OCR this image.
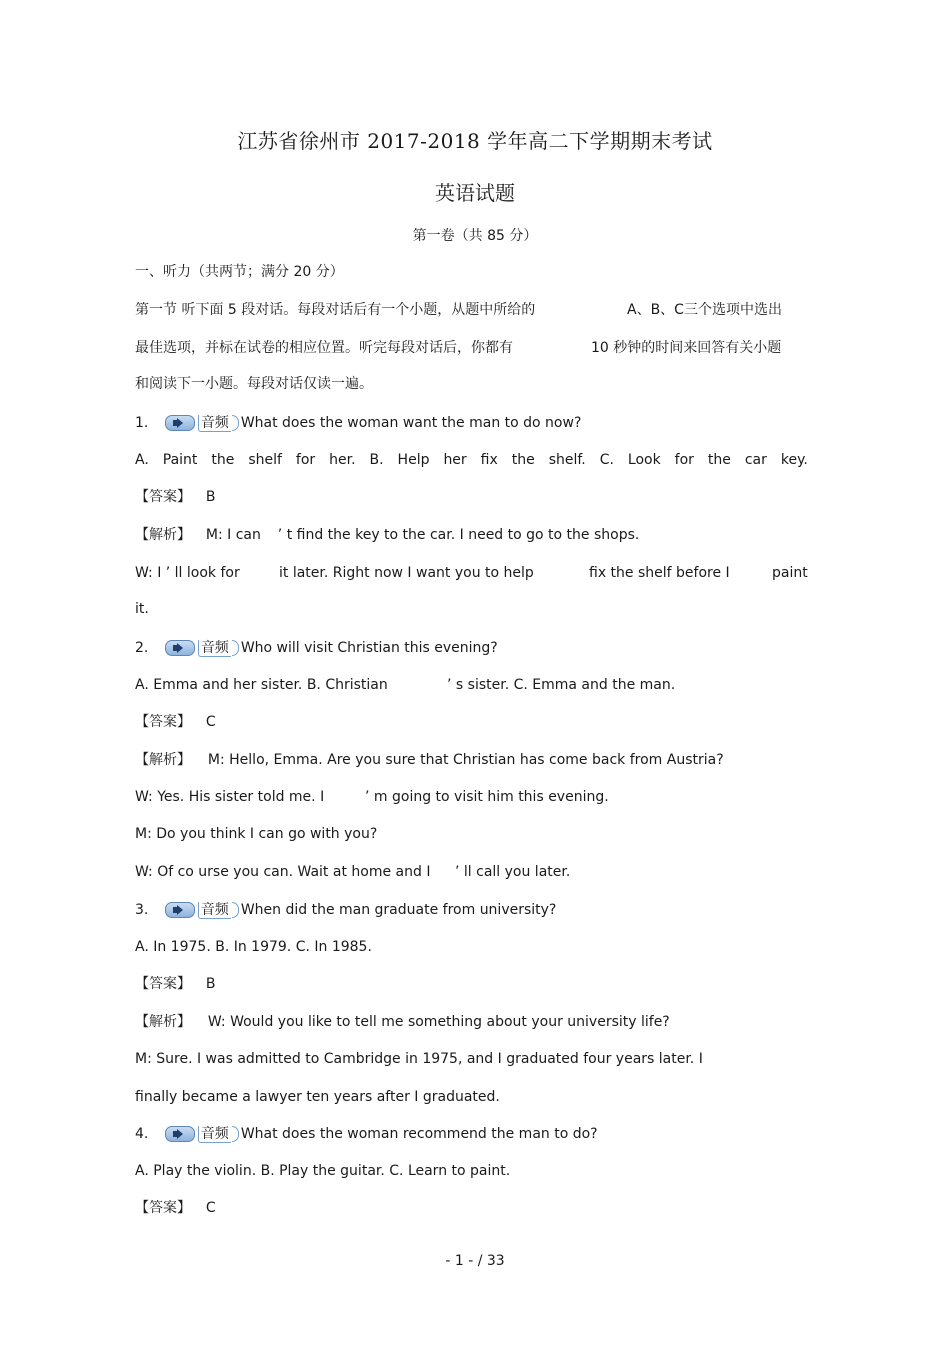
江苏省徐州市 2017-2018 学年高二下学期期末考试
英语试题
第一卷（共 85 分）
一、听力（共两节；满分 20 分）
第一节 听下面 5 段对话。每段对话后有一个小题，从题中所给的	A、B、C三个选项中选出
最佳选项，并标在试卷的相应位置。听完每段对话后，你都有	10 秒钟的时间来回答有关小题
和阅读下一小题。每段对话仅读一遍。
1.	音频 What does the woman want the man to do now?
A. Paint the shelf for her. B. Help her fix the shelf. C. Look for the car key.
【答案】 B
【解析】 M: I can ’ t find the key to the car. I need to go to the shops.
W: I ’ ll look for	it later. Right now I want you to help	fix the shelf before I	paint
it.
2.	音频 Who will visit Christian this evening?
A. Emma and her sister. B. Christian	’ s sister. C. Emma and the man.
【答案】 C
【解析】 M: Hello, Emma. Are you sure that Christian has come back from Austria?
W: Yes. His sister told me. I	’ m going to visit him this evening.
M: Do you think I can go with you?
W: Of co urse you can. Wait at home and I ’ ll call you later.
3.	音频 When did the man graduate from university?
A. In 1975. B. In 1979. C. In 1985.
【答案】 B
【解析】 W: Would you like to tell me something about your university life?
M: Sure. I was admitted to Cambridge in 1975, and I graduated four years later. I
finally became a lawyer ten years after I graduated.
4.	音频 What does the woman recommend the man to do?
A. Play the violin. B. Play the guitar. C. Learn to paint.
【答案】 C
- 1 - / 33
